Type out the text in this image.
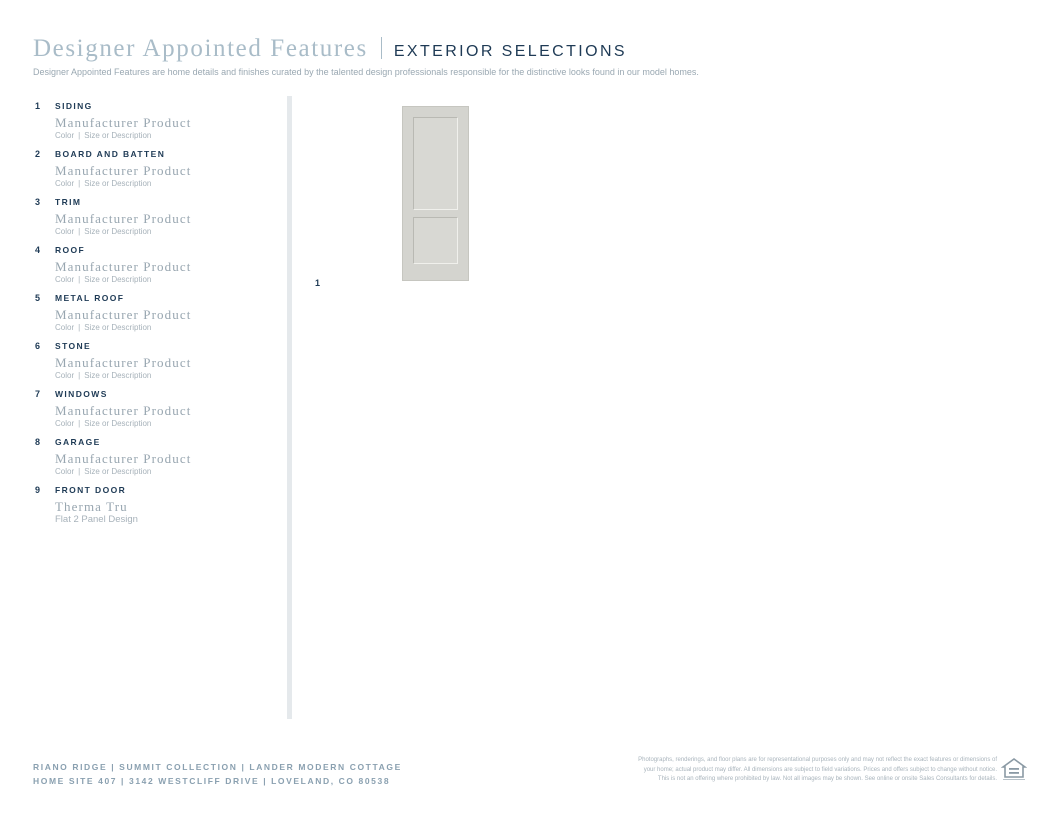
Designer Appointed Features EXTERIOR SELECTIONS
Designer Appointed Features are home details and finishes curated by the talented design professionals responsible for the distinctive looks found in our model homes.
1	SIDING
Manufacturer Product
Color | Size or Description
2	BOARD AND BATTEN
Manufacturer Product
Color | Size or Description
3	TRIM
Manufacturer Product
Color | Size or Description
4	ROOF
Manufacturer Product
Color | Size or Description
5	METAL ROOF
Manufacturer Product
Color | Size or Description
6	STONE
Manufacturer Product
Color | Size or Description
7	WINDOWS
Manufacturer Product
Color | Size or Description
8	GARAGE
Manufacturer Product
Color | Size or Description
9	FRONT DOOR
Therma Tru
Flat 2 Panel Design
1
RIANO RIDGE | SUMMIT COLLECTION | LANDER MODERN COTTAGE
HOME SITE 407 | 3142 WESTCLIFF DRIVE | LOVELAND, CO 80538
Photographs, renderings, and floor plans are for representational purposes only and may not reflect the exact features or dimensions of
your home; actual product may differ. All dimensions are subject to field variations. Prices and offers subject to change without notice.
This is not an offering where prohibited by law. Not all images may be shown. See online or onsite Sales Consultants for details.
